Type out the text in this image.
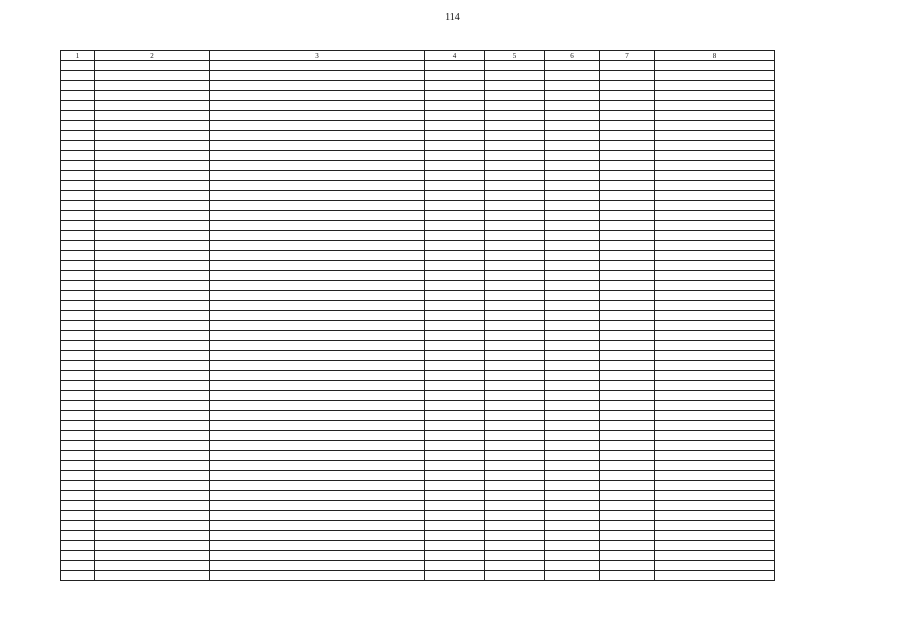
114
1	2	3	4	5	6	7	8
